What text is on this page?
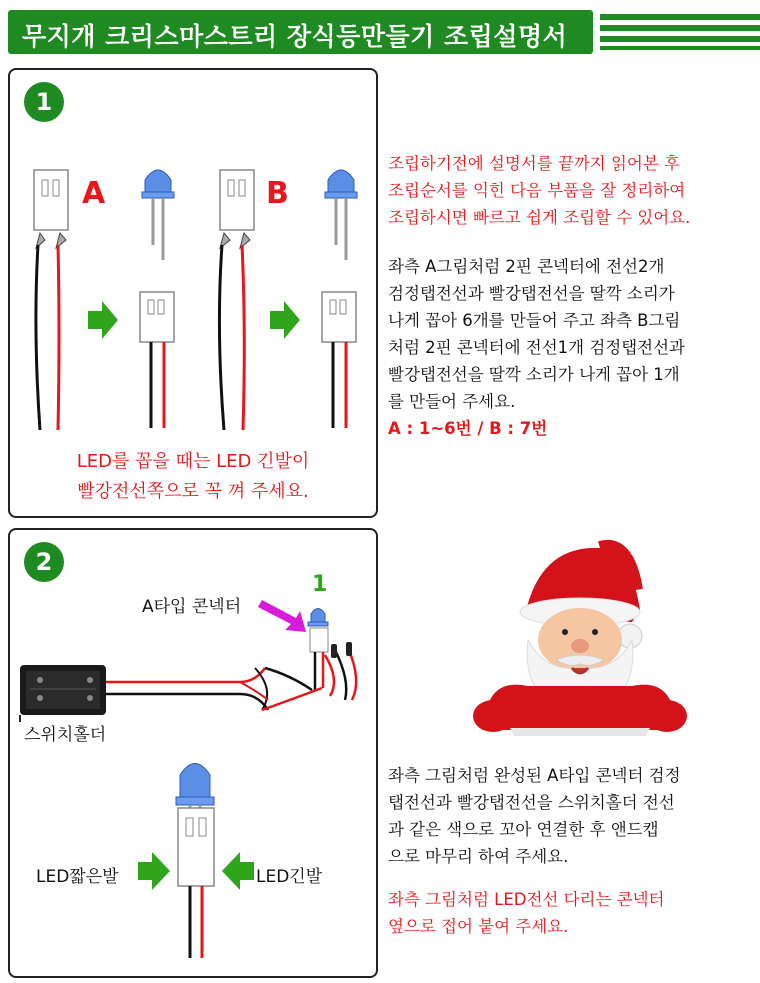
무지개 크리스마스트리 장식등만들기 조립설명서
1
A	B
LED를 꼽을 때는 LED 긴발이
빨강전선쪽으로 꼭 껴 주세요.
조립하기전에 설명서를 끝까지 읽어본 후
조립순서를 익힌 다음 부품을 잘 정리하여
조립하시면 빠르고 쉽게 조립할 수 있어요.
좌측 A그림처럼 2핀 콘넥터에 전선2개
검정탭전선과 빨강탭전선을 딸깍 소리가
나게 꼽아 6개를 만들어 주고 좌측 B그림
처럼 2핀 콘넥터에 전선1개 검정탭전선과
빨강탭전선을 딸깍 소리가 나게 꼽아 1개
를 만들어 주세요.
A : 1~6번 / B : 7번
2
A타입 콘넥터
1
스위치홀더
LED짧은발	LED긴발
좌측 그림처럼 완성된 A타입 콘넥터 검정
탭전선과 빨강탭전선을 스위치홀더 전선
과 같은 색으로 꼬아 연결한 후 앤드캡
으로 마무리 하여 주세요.
좌측 그림처럼 LED전선 다리는 콘넥터
옆으로 접어 붙여 주세요.
